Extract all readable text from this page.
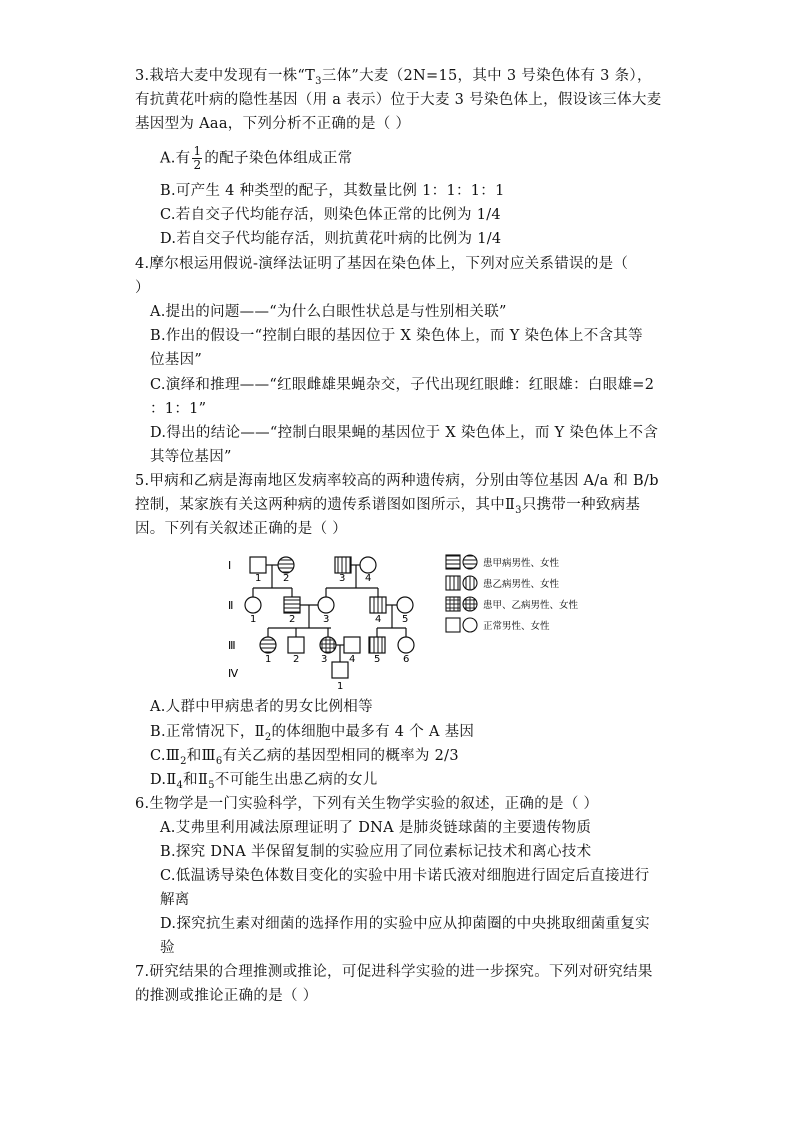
3.栽培大麦中发现有一株“$T_3$三体”大麦（2N=15，其中 3 号染色体有 3 条），
有抗黄花叶病的隐性基因（用 a 表示）位于大麦 3 号染色体上，假设该三体大麦
基因型为 Aaa，下列分析不正确的是（ ）
A.有 $\frac{1}{2}$ 的配子染色体组成正常
B.可产生 4 种类型的配子，其数量比例 1：1：1：1
C.若自交子代均能存活，则染色体正常的比例为 1/4
D.若自交子代均能存活，则抗黄花叶病的比例为 1/4
4.摩尔根运用假说-演绎法证明了基因在染色体上，下列对应关系错误的是（
）
A.提出的问题——“为什么白眼性状总是与性别相关联”
B.作出的假设一“控制白眼的基因位于 X 染色体上，而 Y 染色体上不含其等
位基因”
C.演绎和推理——“红眼雌雄果蝇杂交，子代出现红眼雌：红眼雄：白眼雄=2
：1：1”
D.得出的结论——“控制白眼果蝇的基因位于 X 染色体上，而 Y 染色体上不含
其等位基因”
5.甲病和乙病是海南地区发病率较高的两种遗传病，分别由等位基因 A/a 和 B/b
控制，某家族有关这两种病的遗传系谱图如图所示，其中$Ⅱ_3$只携带一种致病基
因。下列有关叙述正确的是（ ）
Ⅰ
Ⅱ
Ⅲ
Ⅳ
1 2	3 4
1	2	3	4 5
1 2 3 4 5 6
1
患甲病男性、女性
患乙病男性、女性
患甲、乙病男性、女性
正常男性、女性
A.人群中甲病患者的男女比例相等
B.正常情况下，$Ⅱ_2$的体细胞中最多有 4 个 A 基因
$C.Ⅲ_2$和$Ⅲ_6$有关乙病的基因型相同的概率为 2/3
$D.Ⅱ_4$和$Ⅱ_5$不可能生出患乙病的女儿
6.生物学是一门实验科学，下列有关生物学实验的叙述，正确的是（ ）
A.艾弗里利用减法原理证明了 DNA 是肺炎链球菌的主要遗传物质
B.探究 DNA 半保留复制的实验应用了同位素标记技术和离心技术
C.低温诱导染色体数目变化的实验中用卡诺氏液对细胞进行固定后直接进行
解离
D.探究抗生素对细菌的选择作用的实验中应从抑菌圈的中央挑取细菌重复实
验
7.研究结果的合理推测或推论，可促进科学实验的进一步探究。下列对研究结果
的推测或推论正确的是（ ）
